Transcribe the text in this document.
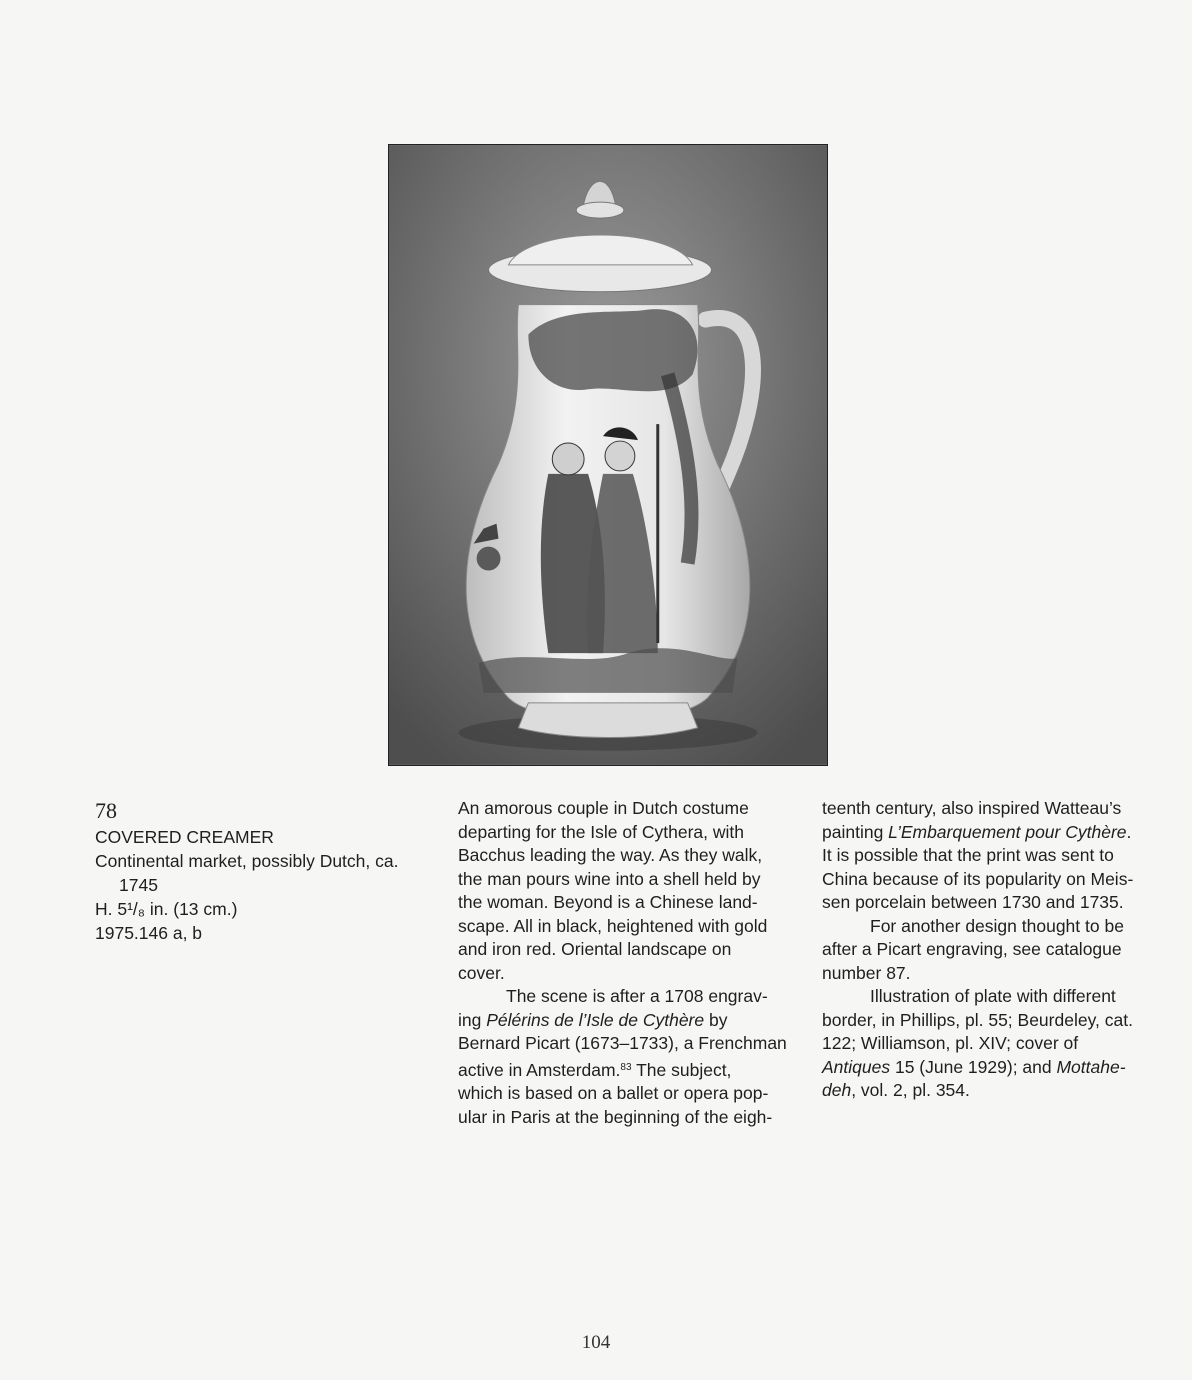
78
COVERED CREAMER
Continental market, possibly Dutch, ca.
1745
H. 5¹/₈ in. (13 cm.)
1975.146 a, b

An amorous couple in Dutch costume
departing for the Isle of Cythera, with
Bacchus leading the way. As they walk,
the man pours wine into a shell held by
the woman. Beyond is a Chinese land-
scape. All in black, heightened with gold
and iron red. Oriental landscape on
cover.

The scene is after a 1708 engrav-
ing Pélérins de l’Isle de Cythère by
Bernard Picart (1673–1733), a Frenchman
active in Amsterdam.$^{83}$ The subject,
which is based on a ballet or opera pop-
ular in Paris at the beginning of the eigh-

teenth century, also inspired Watteau’s
painting L’Embarquement pour Cythère.
It is possible that the print was sent to
China because of its popularity on Meis-
sen porcelain between 1730 and 1735.

For another design thought to be
after a Picart engraving, see catalogue
number 87.

Illustration of plate with different
border, in Phillips, pl. 55; Beurdeley, cat.
122; Williamson, pl. XIV; cover of
Antiques 15 (June 1929); and Mottahe-
deh, vol. 2, pl. 354.

104
